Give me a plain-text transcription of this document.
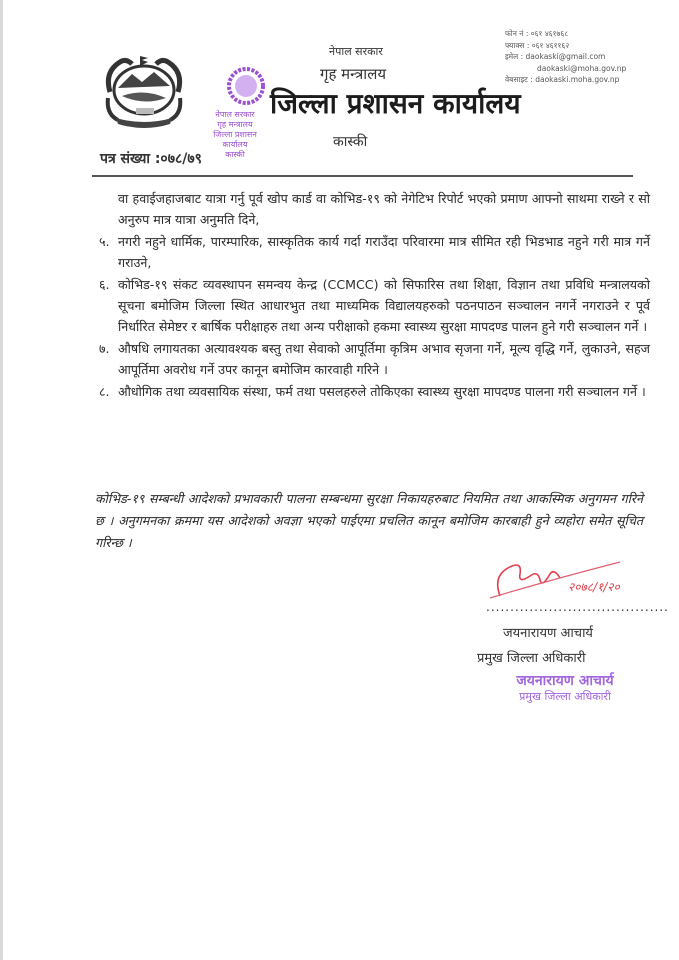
नेपाल सरकार
गृह मन्त्रालय
जिल्ला प्रशासन कार्यालय
कास्की
फोन नं : ०६१ ४६१७६८
फ्याक्स : ०६१ ४६११६२
इमेल : daokaski@gmail.com
daokaski@moha.gov.np
वेबसाइट : daokaski.moha.gov.np
नेपाल सरकार
गृह मन्त्रालय
जिल्ला प्रशासन कार्यालय
कास्की
पत्र संख्या :०७८/७९
वा हवाईजहाजबाट यात्रा गर्नु पूर्व खोप कार्ड वा कोभिड-१९ को नेगेटिभ रिपोर्ट भएको प्रमाण आफ्नो साथमा राख्ने र सो अनुरुप मात्र यात्रा अनुमति दिने,
५. नगरी नहुने धार्मिक, पारम्पारिक, सास्कृतिक कार्य गर्दा गराउँदा परिवारमा मात्र सीमित रही भिडभाड नहुने गरी मात्र गर्ने गराउने,
६. कोभिड-१९ संकट व्यवस्थापन समन्वय केन्द्र (CCMCC) को सिफारिस तथा शिक्षा, विज्ञान तथा प्रविधि मन्त्रालयको सूचना बमोजिम जिल्ला स्थित आधारभुत तथा माध्यमिक विद्यालयहरुको पठनपाठन सञ्चालन नगर्ने नगराउने र पूर्व निर्धारित सेमेष्टर र बार्षिक परीक्षाहरु तथा अन्य परीक्षाको हकमा स्वास्थ्य सुरक्षा मापदण्ड पालन हुने गरी सञ्चालन गर्ने ।
७. औषधि लगायतका अत्यावश्यक बस्तु तथा सेवाको आपूर्तिमा कृत्रिम अभाव सृजना गर्ने, मूल्य वृद्धि गर्ने, लुकाउने, सहज आपूर्तिमा अवरोध गर्ने उपर कानून बमोजिम कारवाही गरिने ।
८. औधोगिक तथा व्यवसायिक संस्था, फर्म तथा पसलहरुले तोकिएका स्वास्थ्य सुरक्षा मापदण्ड पालना गरी सञ्चालन गर्ने ।
कोभिड-१९ सम्बन्धी आदेशको प्रभावकारी पालना सम्बन्धमा सुरक्षा निकायहरुबाट नियमित तथा आकस्मिक अनुगमन गरिने छ । अनुगमनका क्रममा यस आदेशको अवज्ञा भएको पाईएमा प्रचलित कानून बमोजिम कारबाही हुने व्यहोरा समेत सूचित गरिन्छ ।
२०७८/१/२०
......................................
जयनारायण आचार्य
प्रमुख जिल्ला अधिकारी
जयनारायण आचार्य
प्रमुख जिल्ला अधिकारी
